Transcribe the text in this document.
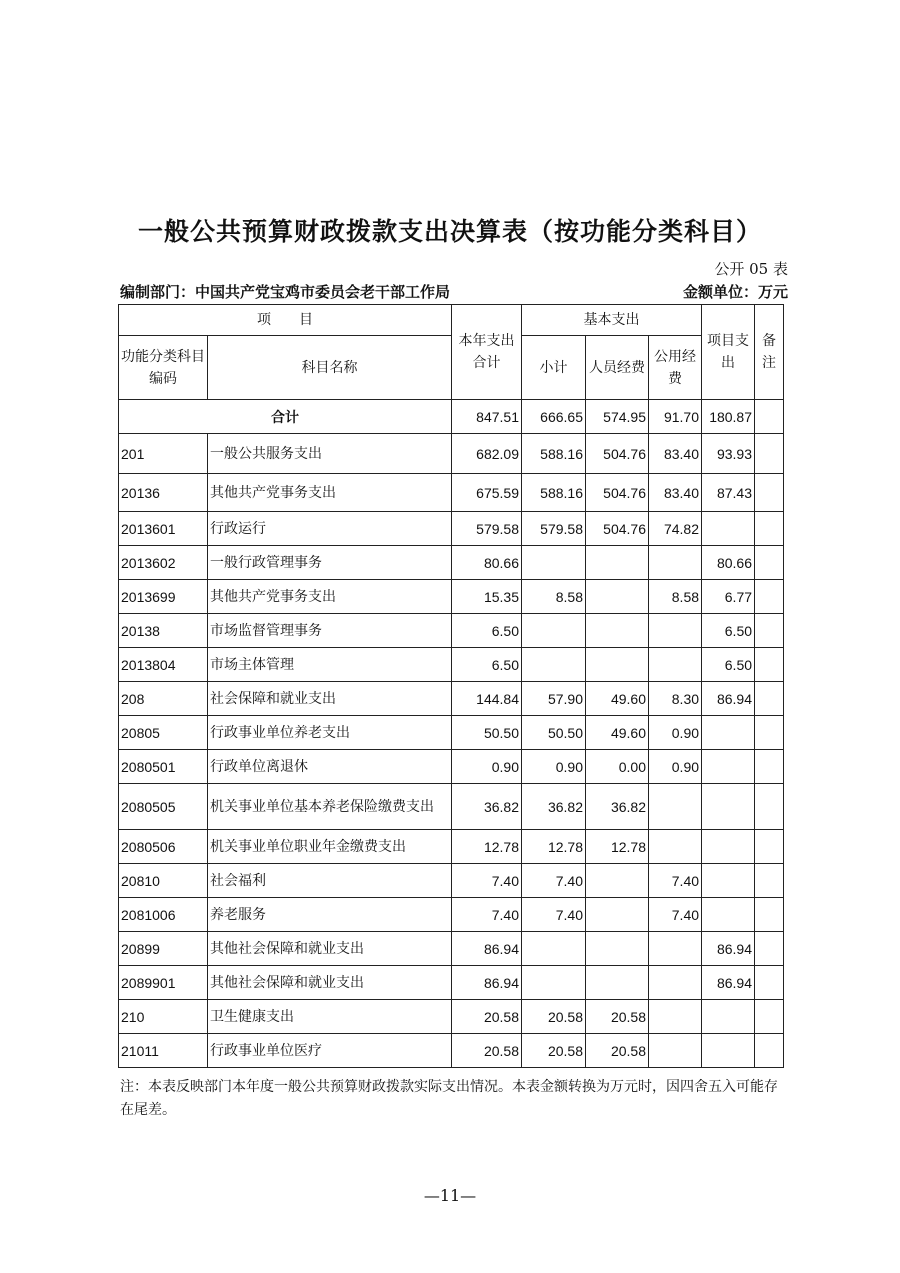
一般公共预算财政拨款支出决算表（按功能分类科目）
公开 05 表
编制部门：中国共产党宝鸡市委员会老干部工作局	金额单位：万元
项　　目		本年支出合计	基本支出			项目支出	备注
功能分类科目编码	科目名称		小计	人员经费	公用经费		
合计		847.51	666.65	574.95	91.70	180.87	
201	一般公共服务支出	682.09	588.16	504.76	83.40	93.93	
20136	其他共产党事务支出	675.59	588.16	504.76	83.40	87.43	
2013601	行政运行	579.58	579.58	504.76	74.82		
2013602	一般行政管理事务	80.66				80.66	
2013699	其他共产党事务支出	15.35	8.58		8.58	6.77	
20138	市场监督管理事务	6.50				6.50	
2013804	市场主体管理	6.50				6.50	
208	社会保障和就业支出	144.84	57.90	49.60	8.30	86.94	
20805	行政事业单位养老支出	50.50	50.50	49.60	0.90		
2080501	行政单位离退休	0.90	0.90	0.00	0.90		
2080505	机关事业单位基本养老保险缴费支出	36.82	36.82	36.82			
2080506	机关事业单位职业年金缴费支出	12.78	12.78	12.78			
20810	社会福利	7.40	7.40		7.40		
2081006	养老服务	7.40	7.40		7.40		
20899	其他社会保障和就业支出	86.94				86.94	
2089901	其他社会保障和就业支出	86.94				86.94	
210	卫生健康支出	20.58	20.58	20.58			
21011	行政事业单位医疗	20.58	20.58	20.58			
注：本表反映部门本年度一般公共预算财政拨款实际支出情况。本表金额转换为万元时，因四舍五入可能存在尾差。
—11—
